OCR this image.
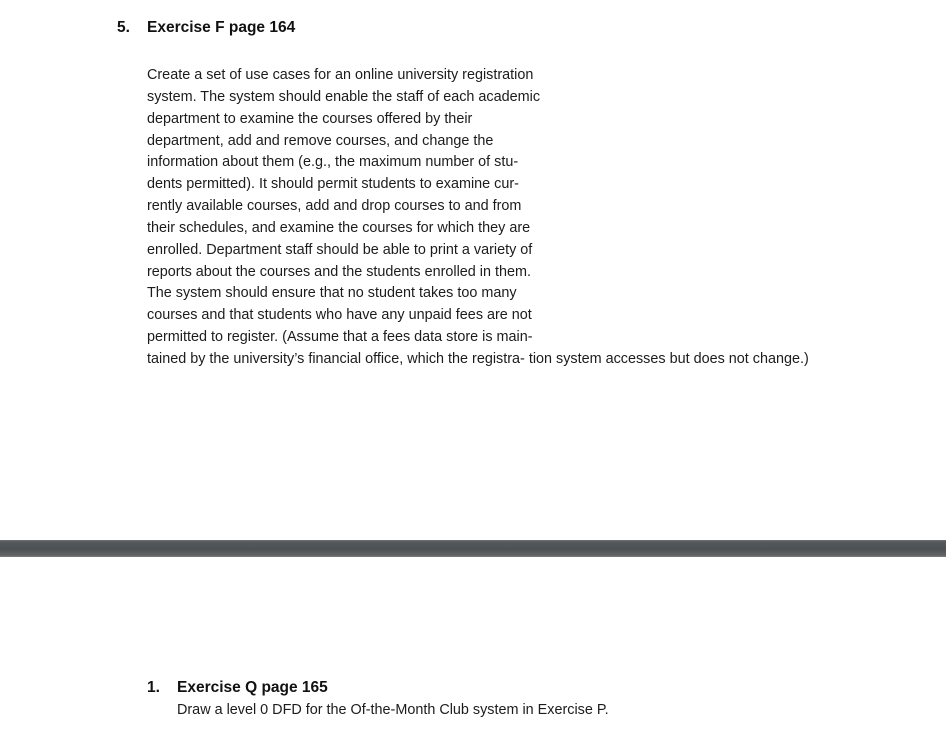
5. Exercise F page 164
Create a set of use cases for an online university registration
system. The system should enable the staff of each academic
department to examine the courses offered by their
department, add and remove courses, and change the
information about them (e.g., the maximum number of stu-
dents permitted). It should permit students to examine cur-
rently available courses, add and drop courses to and from
their schedules, and examine the courses for which they are
enrolled. Department staff should be able to print a variety of
reports about the courses and the students enrolled in them.
The system should ensure that no student takes too many
courses and that students who have any unpaid fees are not
permitted to register. (Assume that a fees data store is main-
tained by the university’s financial office, which the registra- tion system accesses but does not change.)
1. Exercise Q page 165
Draw a level 0 DFD for the Of-the-Month Club system in Exercise P.
